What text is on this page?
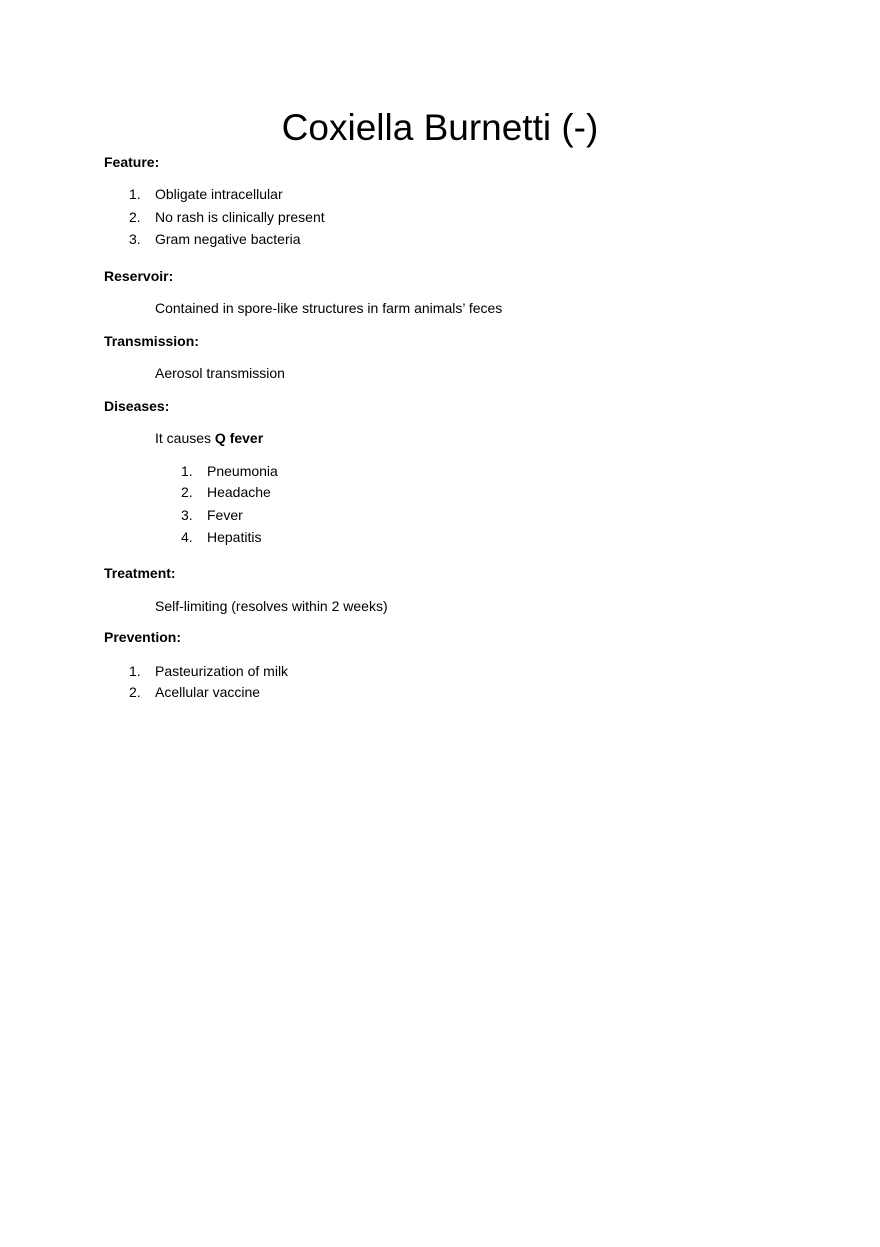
Coxiella Burnetti (-)

Feature:

1. Obligate intracellular
2. No rash is clinically present
3. Gram negative bacteria

Reservoir:

Contained in spore-like structures in farm animals’ feces

Transmission:

Aerosol transmission

Diseases:

It causes Q fever

1. Pneumonia
2. Headache
3. Fever
4. Hepatitis

Treatment:

Self-limiting (resolves within 2 weeks)

Prevention:

1. Pasteurization of milk
2. Acellular vaccine
